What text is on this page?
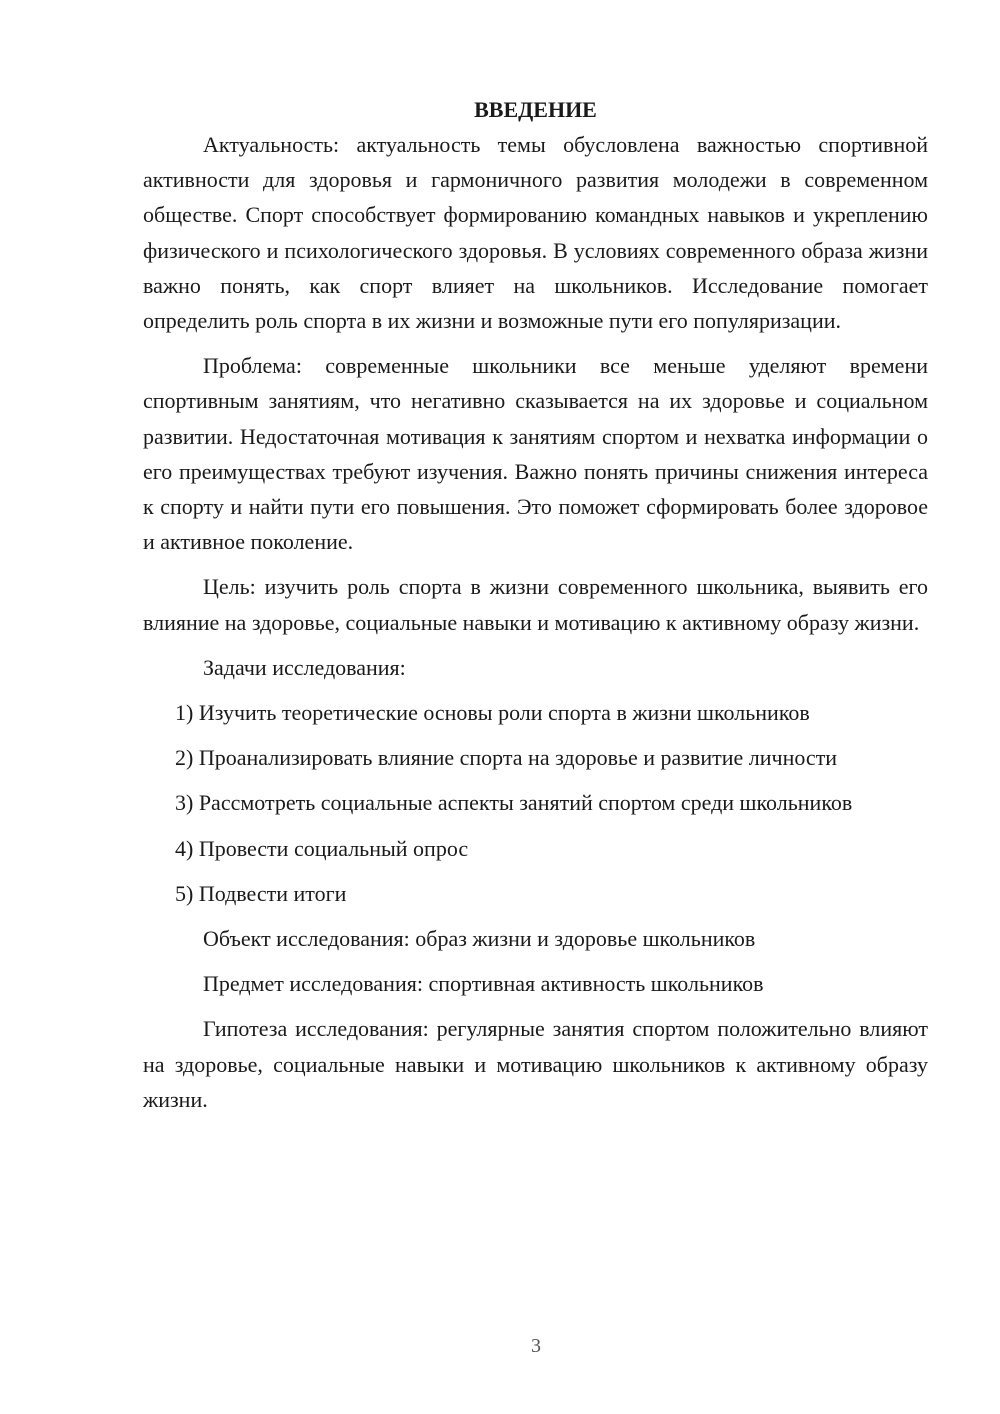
ВВЕДЕНИЕ

Актуальность: актуальность темы обусловлена важностью спортивной активности для здоровья и гармоничного развития молодежи в современном обществе. Спорт способствует формированию командных навыков и укреплению физического и психологического здоровья. В условиях современного образа жизни важно понять, как спорт влияет на школьников. Исследование помогает определить роль спорта в их жизни и возможные пути его популяризации.

Проблема: современные школьники все меньше уделяют времени спортивным занятиям, что негативно сказывается на их здоровье и социальном развитии. Недостаточная мотивация к занятиям спортом и нехватка информации о его преимуществах требуют изучения. Важно понять причины снижения интереса к спорту и найти пути его повышения. Это поможет сформировать более здоровое и активное поколение.

Цель: изучить роль спорта в жизни современного школьника, выявить его влияние на здоровье, социальные навыки и мотивацию к активному образу жизни.

Задачи исследования:

1) Изучить теоретические основы роли спорта в жизни школьников

2) Проанализировать влияние спорта на здоровье и развитие личности

3) Рассмотреть социальные аспекты занятий спортом среди школьников

4) Провести социальный опрос

5) Подвести итоги

Объект исследования: образ жизни и здоровье школьников

Предмет исследования: спортивная активность школьников

Гипотеза исследования: регулярные занятия спортом положительно влияют на здоровье, социальные навыки и мотивацию школьников к активному образу жизни.

3
